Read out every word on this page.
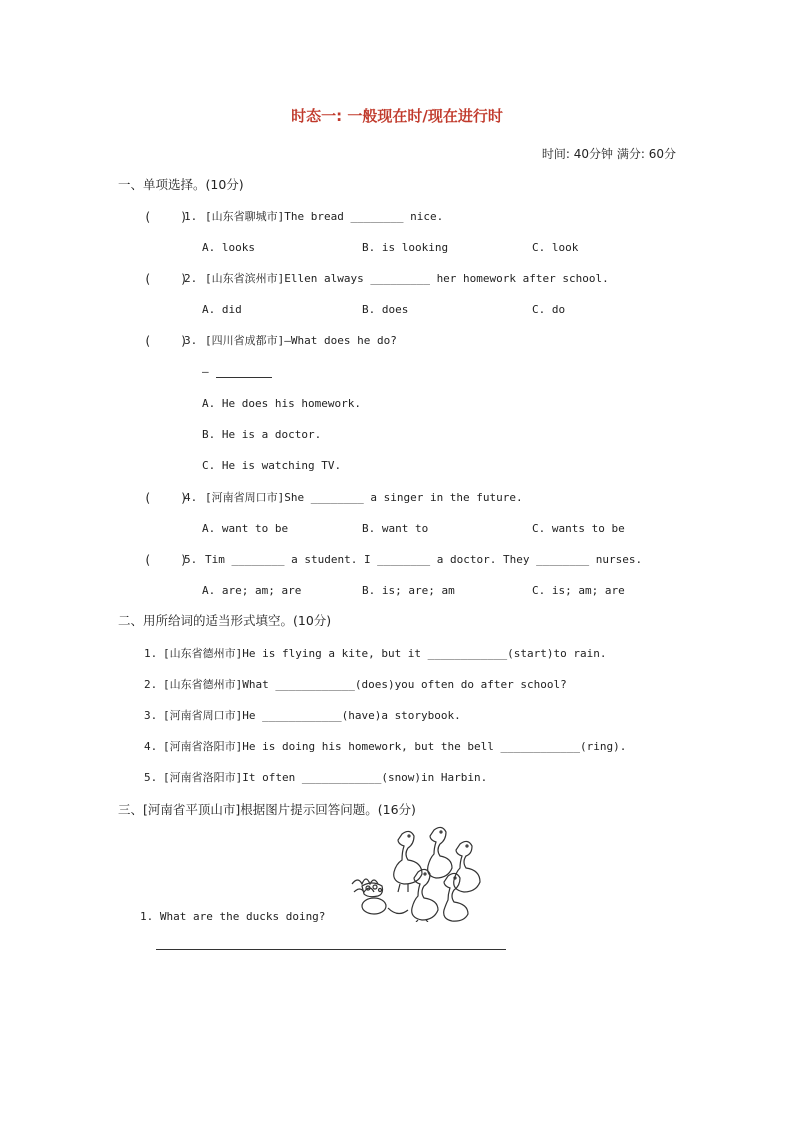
时态一: 一般现在时/现在进行时
时间: 40分钟 满分: 60分
一、单项选择。(10分)
(    )
1. [山东省聊城市]The bread ________ nice.
A. looks	B. is looking	C. look
(    )
2. [山东省滨州市]Ellen always _________ her homework after school.
A. did	B. does	C. do
(    )
3. [四川省成都市]—What does he do?
—
A. He does his homework.
B. He is a doctor.
C. He is watching TV.
(    )
4. [河南省周口市]She ________ a singer in the future.
A. want to be	B. want to	C. wants to be
(    )
5. Tim ________ a student. I ________ a doctor. They ________ nurses.
A. are; am; are	B. is; are; am	C. is; am; are
二、用所给词的适当形式填空。(10分)
1. [山东省德州市]He is flying a kite, but it ____________(start)to rain.
2. [山东省德州市]What ____________(does)you often do after school?
3. [河南省周口市]He ____________(have)a storybook.
4. [河南省洛阳市]He is doing his homework, but the bell ____________(ring).
5. [河南省洛阳市]It often ____________(snow)in Harbin.
三、[河南省平顶山市]根据图片提示回答问题。(16分)
1. What are the ducks doing?
